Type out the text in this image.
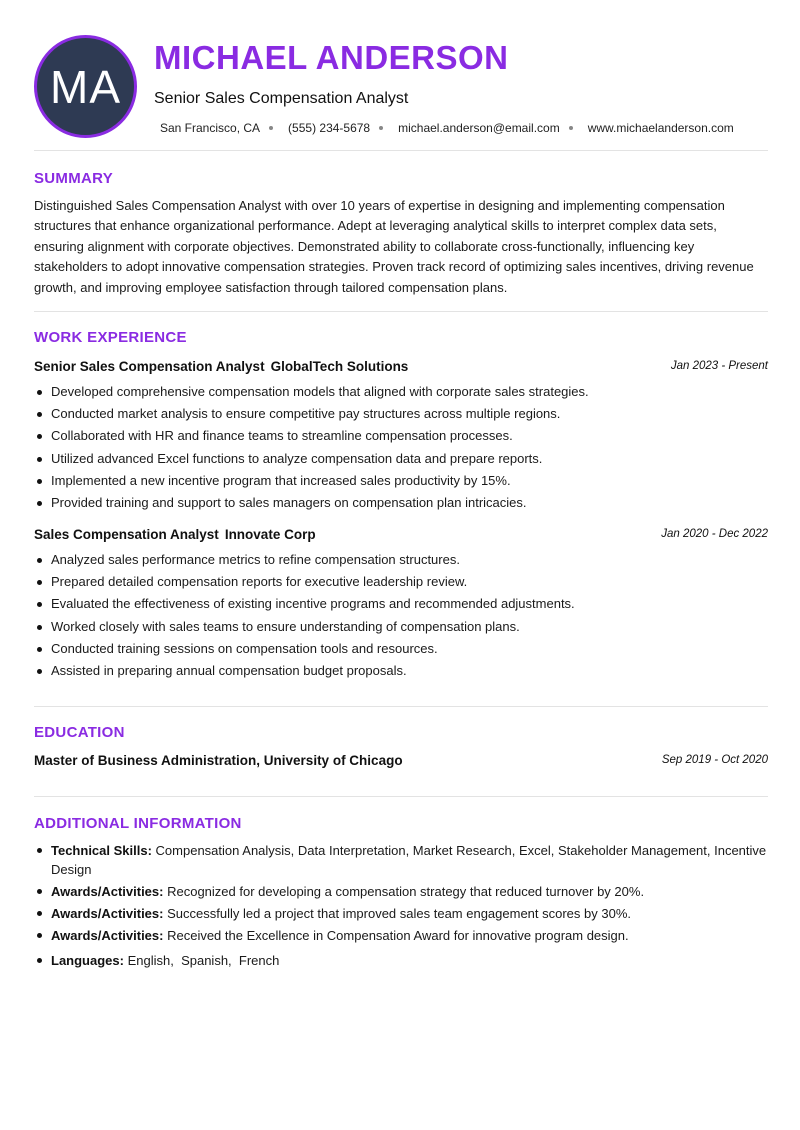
MA
MICHAEL ANDERSON
Senior Sales Compensation Analyst
San Francisco, CA (555) 234-5678 michael.anderson@email.com www.michaelanderson.com
SUMMARY
Distinguished Sales Compensation Analyst with over 10 years of expertise in designing and implementing compensation structures that enhance organizational performance. Adept at leveraging analytical skills to interpret complex data sets, ensuring alignment with corporate objectives. Demonstrated ability to collaborate cross-functionally, influencing key stakeholders to adopt innovative compensation strategies. Proven track record of optimizing sales incentives, driving revenue growth, and improving employee satisfaction through tailored compensation plans.
WORK EXPERIENCE
Senior Sales Compensation Analyst GlobalTech Solutions	Jan 2023 - Present
Developed comprehensive compensation models that aligned with corporate sales strategies.
Conducted market analysis to ensure competitive pay structures across multiple regions.
Collaborated with HR and finance teams to streamline compensation processes.
Utilized advanced Excel functions to analyze compensation data and prepare reports.
Implemented a new incentive program that increased sales productivity by 15%.
Provided training and support to sales managers on compensation plan intricacies.
Sales Compensation Analyst Innovate Corp	Jan 2020 - Dec 2022
Analyzed sales performance metrics to refine compensation structures.
Prepared detailed compensation reports for executive leadership review.
Evaluated the effectiveness of existing incentive programs and recommended adjustments.
Worked closely with sales teams to ensure understanding of compensation plans.
Conducted training sessions on compensation tools and resources.
Assisted in preparing annual compensation budget proposals.
EDUCATION
Master of Business Administration, University of Chicago	Sep 2019 - Oct 2020
ADDITIONAL INFORMATION
Technical Skills: Compensation Analysis, Data Interpretation, Market Research, Excel, Stakeholder Management, Incentive Design
Awards/Activities: Recognized for developing a compensation strategy that reduced turnover by 20%.
Awards/Activities: Successfully led a project that improved sales team engagement scores by 30%.
Awards/Activities: Received the Excellence in Compensation Award for innovative program design.
Languages: English,  Spanish,  French
